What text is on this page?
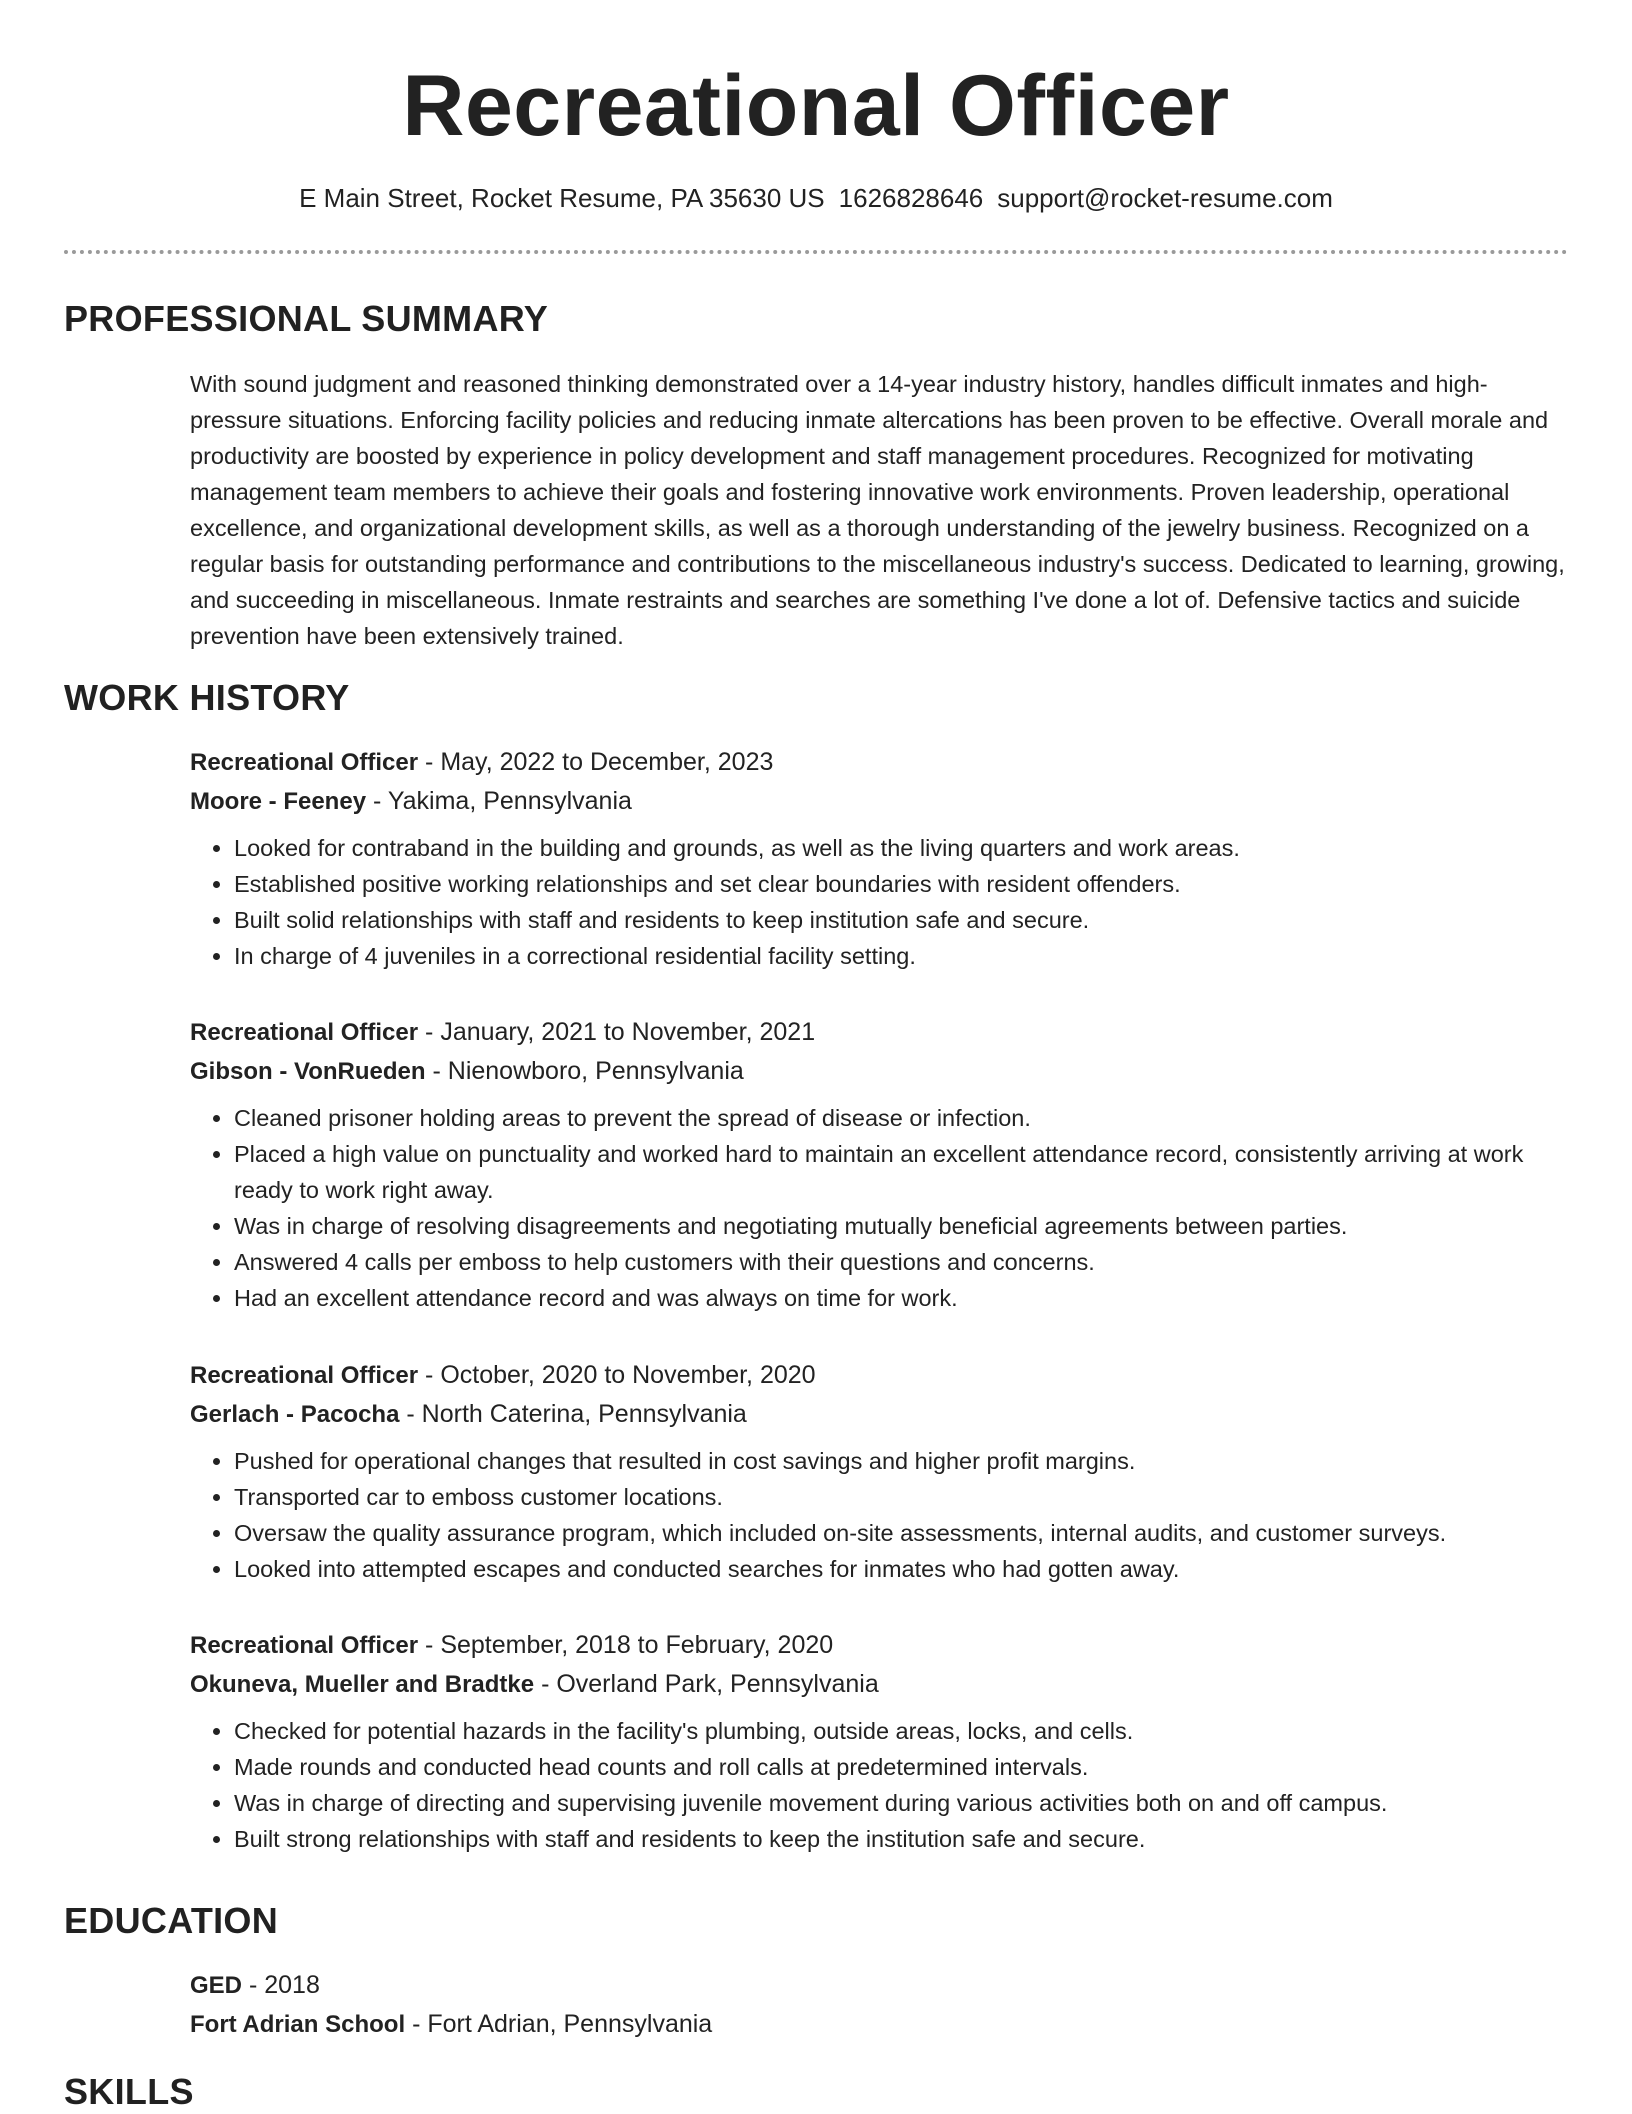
Recreational Officer
E Main Street, Rocket Resume, PA 35630 US 1626828646 support@rocket-resume.com
PROFESSIONAL SUMMARY

With sound judgment and reasoned thinking demonstrated over a 14-year industry history, handles difficult inmates and high-pressure situations. Enforcing facility policies and reducing inmate altercations has been proven to be effective. Overall morale and productivity are boosted by experience in policy development and staff management procedures. Recognized for motivating management team members to achieve their goals and fostering innovative work environments. Proven leadership, operational excellence, and organizational development skills, as well as a thorough understanding of the jewelry business. Recognized on a regular basis for outstanding performance and contributions to the miscellaneous industry's success. Dedicated to learning, growing, and succeeding in miscellaneous. Inmate restraints and searches are something I've done a lot of. Defensive tactics and suicide prevention have been extensively trained.

WORK HISTORY
Recreational Officer - May, 2022 to December, 2023
Moore - Feeney - Yakima, Pennsylvania
• Looked for contraband in the building and grounds, as well as the living quarters and work areas.
• Established positive working relationships and set clear boundaries with resident offenders.
• Built solid relationships with staff and residents to keep institution safe and secure.
• In charge of 4 juveniles in a correctional residential facility setting.
Recreational Officer - January, 2021 to November, 2021
Gibson - VonRueden - Nienowboro, Pennsylvania
• Cleaned prisoner holding areas to prevent the spread of disease or infection.
• Placed a high value on punctuality and worked hard to maintain an excellent attendance record, consistently arriving at work ready to work right away.
• Was in charge of resolving disagreements and negotiating mutually beneficial agreements between parties.
• Answered 4 calls per emboss to help customers with their questions and concerns.
• Had an excellent attendance record and was always on time for work.
Recreational Officer - October, 2020 to November, 2020
Gerlach - Pacocha - North Caterina, Pennsylvania
• Pushed for operational changes that resulted in cost savings and higher profit margins.
• Transported car to emboss customer locations.
• Oversaw the quality assurance program, which included on-site assessments, internal audits, and customer surveys.
• Looked into attempted escapes and conducted searches for inmates who had gotten away.
Recreational Officer - September, 2018 to February, 2020
Okuneva, Mueller and Bradtke - Overland Park, Pennsylvania
• Checked for potential hazards in the facility's plumbing, outside areas, locks, and cells.
• Made rounds and conducted head counts and roll calls at predetermined intervals.
• Was in charge of directing and supervising juvenile movement during various activities both on and off campus.
• Built strong relationships with staff and residents to keep the institution safe and secure.
EDUCATION
GED - 2018
Fort Adrian School - Fort Adrian, Pennsylvania
SKILLS
